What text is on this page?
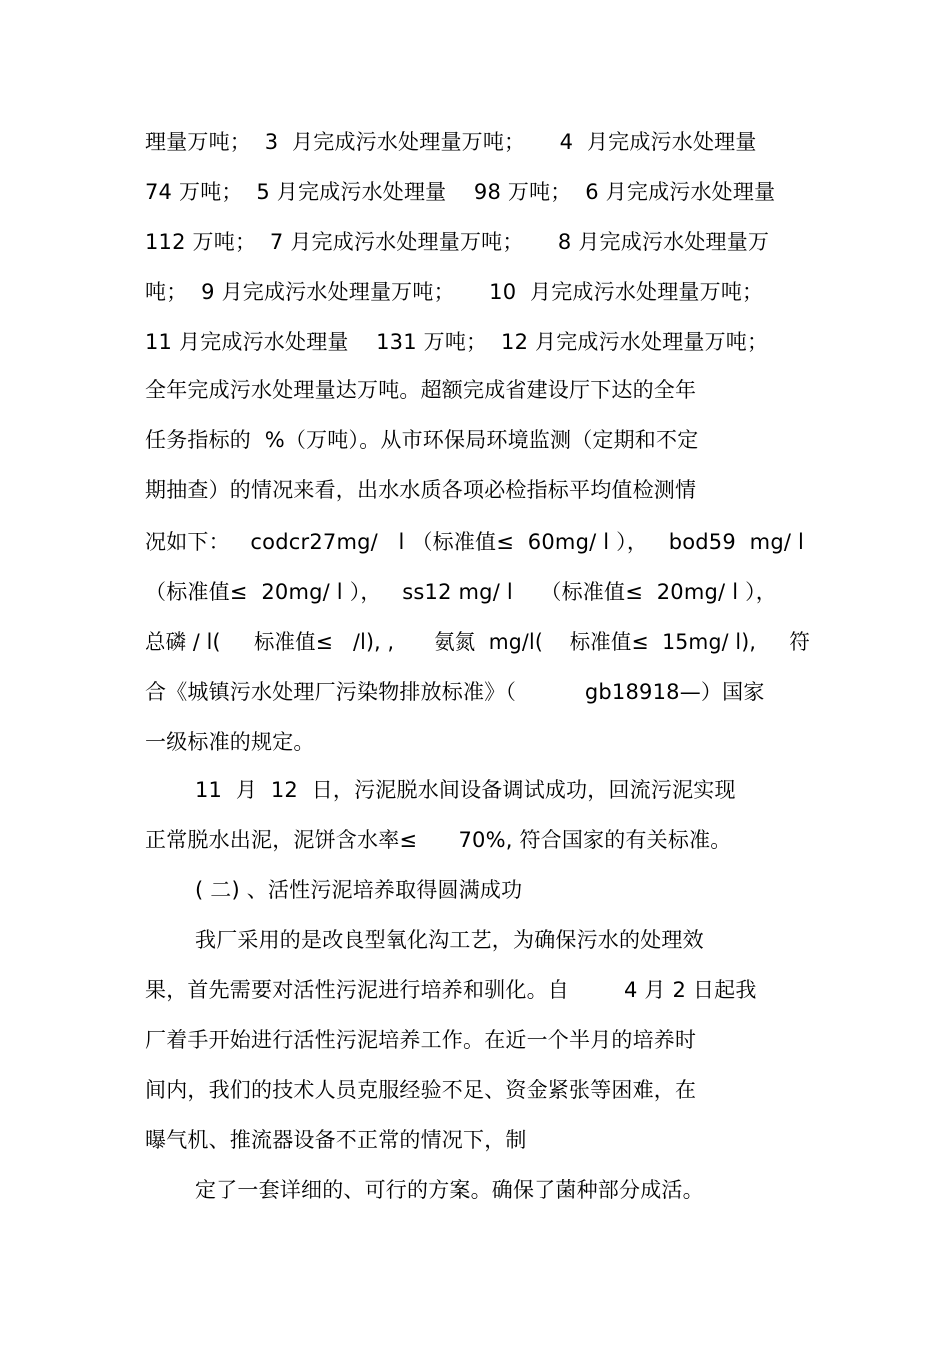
理量万吨；  3  月完成污水处理量万吨；     4  月完成污水处理量

74 万吨；  5 月完成污水处理量    98 万吨；  6 月完成污水处理量

112 万吨；  7 月完成污水处理量万吨；     8 月完成污水处理量万

吨；  9 月完成污水处理量万吨；     10  月完成污水处理量万吨；

11 月完成污水处理量    131 万吨；  12 月完成污水处理量万吨；

全年完成污水处理量达万吨。超额完成省建设厅下达的全年

任务指标的  %（万吨）。从市环保局环境监测（定期和不定

期抽查）的情况来看，出水水质各项必检指标平均值检测情

况如下：   codcr27mg/   l （标准值≤  60mg/ l ），   bod59  mg/ l

（标准值≤  20mg/ l ），   ss12 mg/ l    （标准值≤  20mg/ l ），

总磷 / l(     标准值≤   /l), ,      氨氮  mg/l(    标准值≤  15mg/ l),     符

合《城镇污水处理厂污染物排放标准》（          gb18918—）国家

一级标准的规定。

11  月  12  日，污泥脱水间设备调试成功，回流污泥实现

正常脱水出泥，泥饼含水率≤      70%, 符合国家的有关标准。

( 二) 、活性污泥培养取得圆满成功

我厂采用的是改良型氧化沟工艺，为确保污水的处理效

果，首先需要对活性污泥进行培养和驯化。自        4 月 2 日起我

厂着手开始进行活性污泥培养工作。在近一个半月的培养时

间内，我们的技术人员克服经验不足、资金紧张等困难，在

曝气机、推流器设备不正常的情况下，制

定了一套详细的、可行的方案。确保了菌种部分成活。
